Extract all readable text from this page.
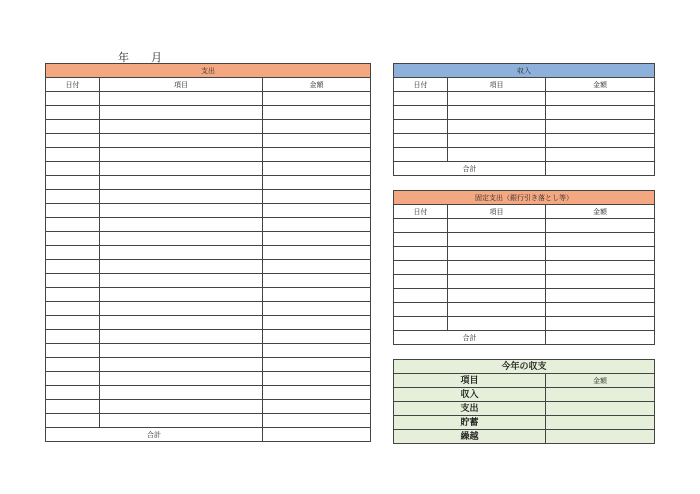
年　　月
支出		
日付	項目	金額

合計		
収入		
日付	項目	金額

合計		
固定支出（銀行引き落とし等）		
日付	項目	金額

合計		
今年の収支	
項目	金額
収入	
支出	
貯蓄	
繰越	
